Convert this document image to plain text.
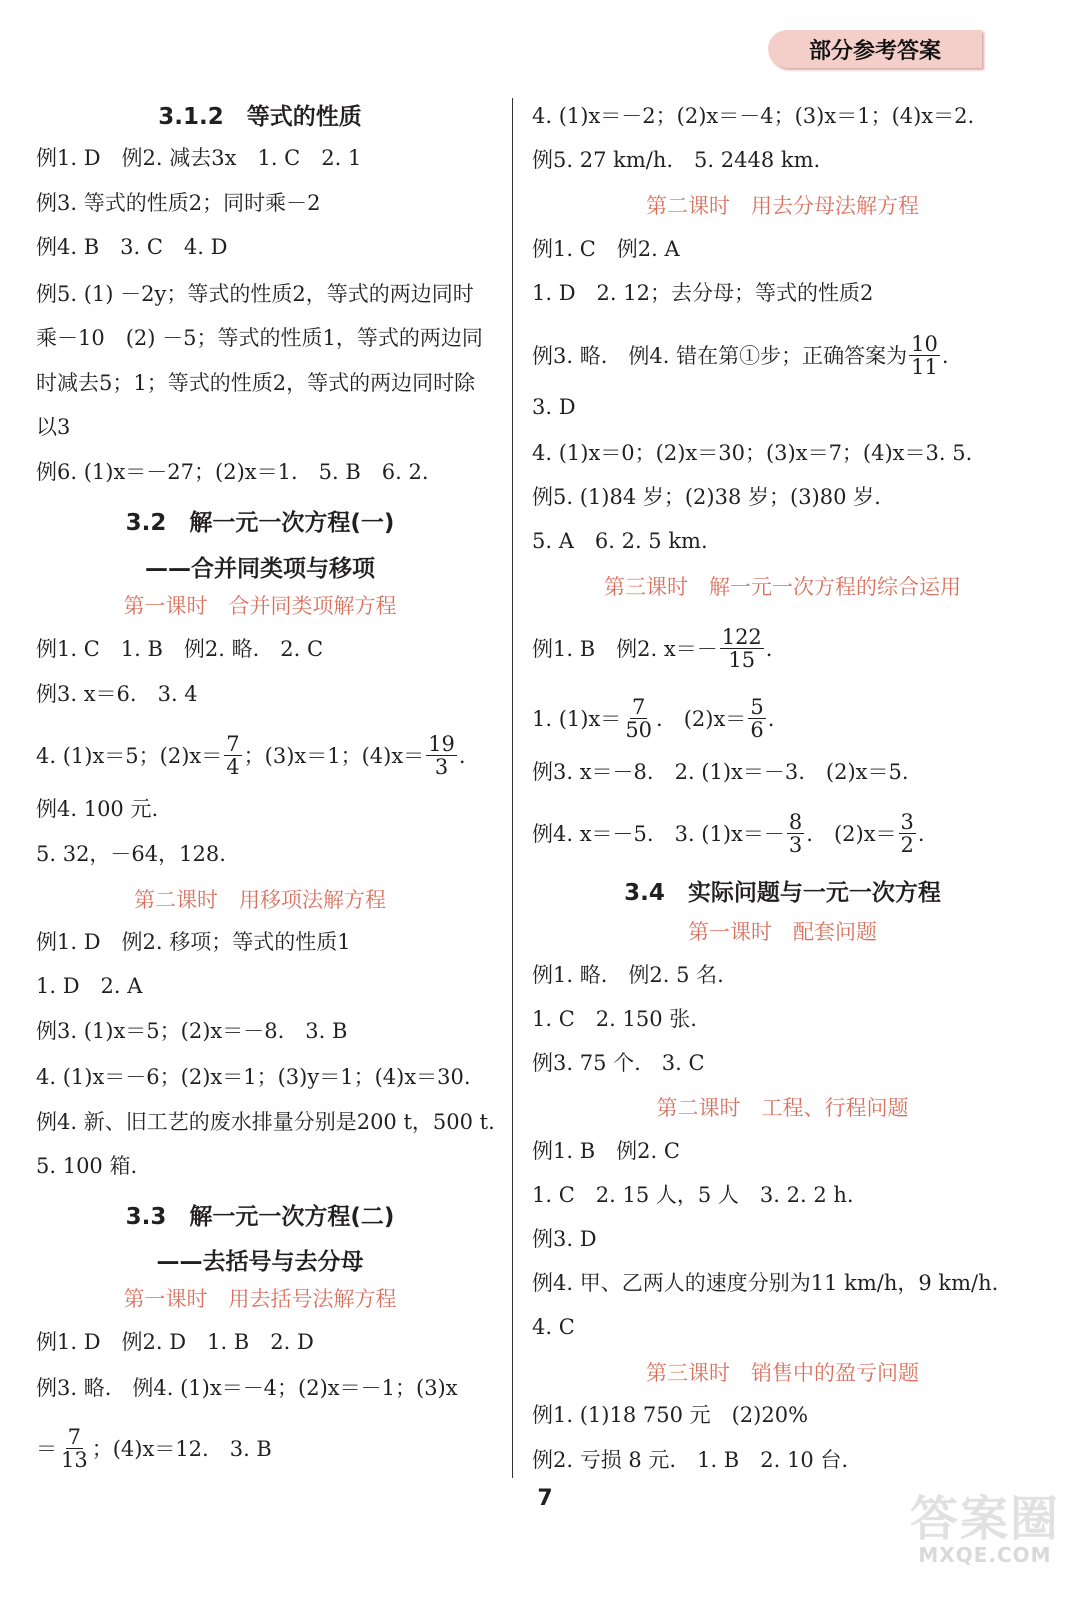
部分参考答案
3.1.2　等式的性质
例1. D　例2. 减去3x　1. C　2. 1
例3. 等式的性质2；同时乘－2
例4. B　3. C　4. D
例5. (1) －2y；等式的性质2，等式的两边同时
乘－10　(2) －5；等式的性质1，等式的两边同
时减去5；1；等式的性质2，等式的两边同时除
以3
例6. (1)x＝－27；(2)x＝1.　5. B　6. 2.
3.2　解一元一次方程(一)
——合并同类项与移项
第一课时　合并同类项解方程
例1. C　1. B　例2. 略.　2. C
例3. x＝6.　3. 4
4. (1)x＝5；$(2)x= \frac{7}{4}$ ；(3)x＝1；$(4)x= \frac{19}{3}$ .
例4. 100 元.
5. 32，－64，128.
第二课时　用移项法解方程
例1. D　例2. 移项；等式的性质1
1. D　2. A
例3. (1)x＝5；(2)x＝－8.　3. B
4. (1)x＝－6；(2)x＝1；(3)y＝1；(4)x＝30.
例4. 新、旧工艺的废水排量分别是200 t，500 t.
5. 100 箱.
3.3　解一元一次方程(二)
——去括号与去分母
第一课时　用去括号法解方程
例1. D　例2. D　1. B　2. D
例3. 略.　例4. (1)x＝－4；(2)x＝－1；(3)x
＝ $\frac{7}{13}$ ；(4)x＝12.　3. B
4. (1)x＝－2；(2)x＝－4；(3)x＝1；(4)x＝2.
例5. 27 km/h.　5. 2448 km.
第二课时　用去分母法解方程
例1. C　例2. A
1. D　2. 12；去分母；等式的性质2
例3. 略.　例4. 错在第①步；正确答案为 $\frac{10}{11}$ .
3. D
4. (1)x＝0；(2)x＝30；(3)x＝7；(4)x＝3. 5.
例5. (1)84 岁；(2)38 岁；(3)80 岁.
5. A　6. 2. 5 km.
第三课时　解一元一次方程的综合运用
例1. B　例2. $x=- \frac{122}{15}$ .
1. $(1)x= \frac{7}{50}$ .　$(2)x= \frac{5}{6}$ .
例3. x＝－8.　2. (1)x＝－3.　(2)x＝5.
例4. x＝－5.　3. $(1)x=- \frac{8}{3}$ .　$(2)x= \frac{3}{2}$ .
3.4　实际问题与一元一次方程
第一课时　配套问题
例1. 略.　例2. 5 名.
1. C　2. 150 张.
例3. 75 个.　3. C
第二课时　工程、行程问题
例1. B　例2. C
1. C　2. 15 人，5 人　3. 2. 2 h.
例3. D
例4. 甲、乙两人的速度分别为11 km/h，9 km/h.
4. C
第三课时　销售中的盈亏问题
例1. (1)18 750 元　(2)20%
例2. 亏损 8 元.　1. B　2. 10 台.
7	答案圈
MXQE.COM
